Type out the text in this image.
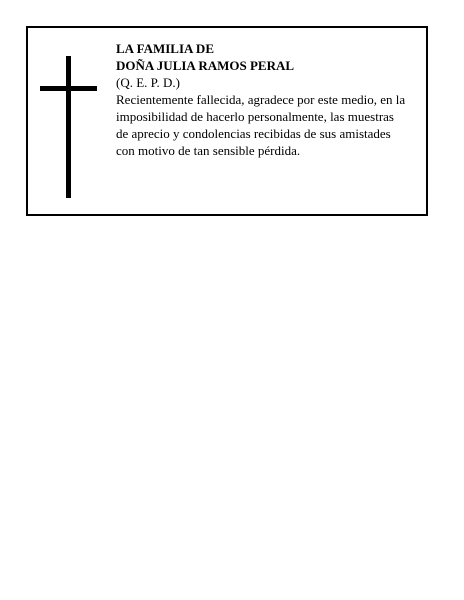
LA FAMILIA DE
DOÑA JULIA RAMOS PERAL
(Q. E. P. D.)
Recientemente fallecida, agradece por este medio, en la
imposibilidad de hacerlo personalmente, las muestras
de aprecio y condolencias recibidas de sus amistades
con motivo de tan sensible pérdida.
